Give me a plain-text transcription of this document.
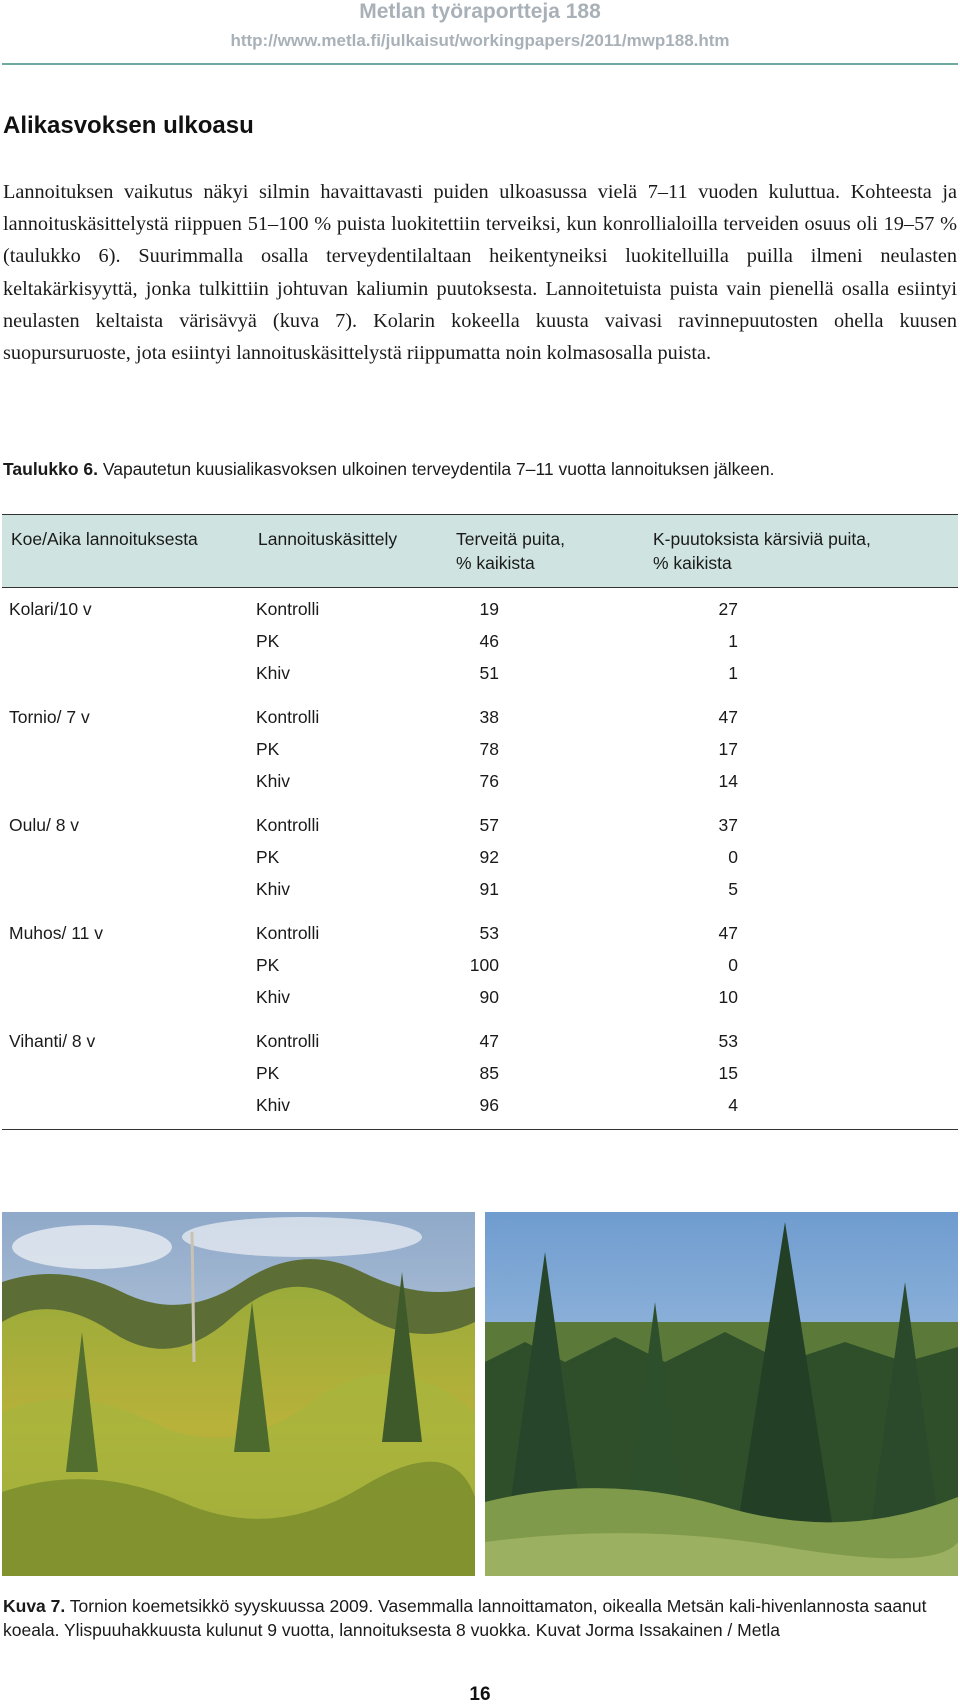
Metlan työraportteja 188
http://www.metla.fi/julkaisut/workingpapers/2011/mwp188.htm
Alikasvoksen ulkoasu

Lannoituksen vaikutus näkyi silmin havaittavasti puiden ulkoasussa vielä 7–11 vuoden kuluttua. Kohteesta ja lannoituskäsittelystä riippuen 51–100 % puista luokitettiin terveiksi, kun konrollialoilla terveiden osuus oli 19–57 % (taulukko 6). Suurimmalla osalla terveydentilaltaan heikentyneiksi luokitelluilla puilla ilmeni neulasten keltakärkisyyttä, jonka tulkittiin johtuvan kaliumin puutoksesta. Lannoitetuista puista vain pienellä osalla esiintyi neulasten keltaista värisävyä (kuva 7). Kolarin kokeella kuusta vaivasi ravinnepuutosten ohella kuusen suopursuruoste, jota esiintyi lannoituskäsittelystä riippumatta noin kolmasosalla puista.

Taulukko 6. Vapautetun kuusialikasvoksen ulkoinen terveydentila 7–11 vuotta lannoituksen jälkeen.
Koe/Aika lannoituksesta	Lannoituskäsittely	Terveitä puita,
% kaikista
K-puutoksista kärsiviä puita,
% kaikista
Kolari/10 v	Kontrolli	19	27
PK	46	1
Khiv	51	1
Tornio/ 7 v	Kontrolli	38	47
PK	78	17
Khiv	76	14
Oulu/ 8 v	Kontrolli	57	37
PK	92	0
Khiv	91	5
Muhos/ 11 v	Kontrolli	53	47
PK	100	0
Khiv	90	10
Vihanti/ 8 v	Kontrolli	47	53
PK	85	15
Khiv	96	4
Kuva 7. Tornion koemetsikkö syyskuussa 2009. Vasemmalla lannoittamaton, oikealla Metsän kali-hivenlannosta saanut koeala. Ylispuuhakkuusta kulunut 9 vuotta, lannoituksesta 8 vuokka. Kuvat Jorma Issakainen / Metla
16
